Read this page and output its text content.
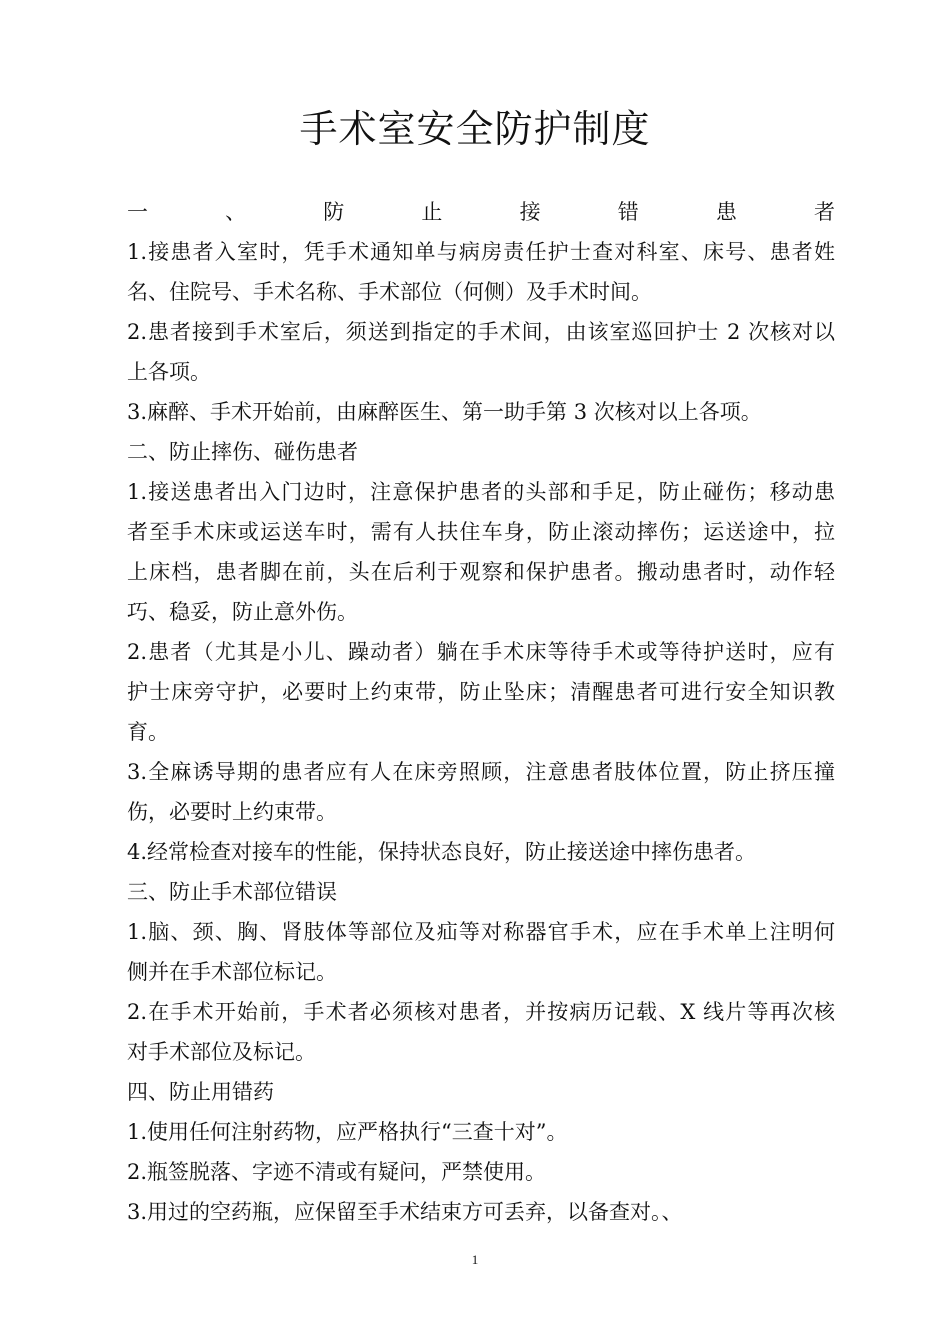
手术室安全防护制度
一、防止接错患者
1.接患者入室时，凭手术通知单与病房责任护士查对科室、床号、患者姓
名、住院号、手术名称、手术部位（何侧）及手术时间。
2.患者接到手术室后，须送到指定的手术间，由该室巡回护士 2 次核对以
上各项。
3.麻醉、手术开始前，由麻醉医生、第一助手第 3 次核对以上各项。
二、防止摔伤、碰伤患者
1.接送患者出入门边时，注意保护患者的头部和手足，防止碰伤；移动患
者至手术床或运送车时，需有人扶住车身，防止滚动摔伤；运送途中，拉
上床档，患者脚在前，头在后利于观察和保护患者。搬动患者时，动作轻
巧、稳妥，防止意外伤。
2.患者（尤其是小儿、躁动者）躺在手术床等待手术或等待护送时，应有
护士床旁守护，必要时上约束带，防止坠床；清醒患者可进行安全知识教
育。
3.全麻诱导期的患者应有人在床旁照顾，注意患者肢体位置，防止挤压撞
伤，必要时上约束带。
4.经常检查对接车的性能，保持状态良好，防止接送途中摔伤患者。
三、防止手术部位错误
1.脑、颈、胸、肾肢体等部位及疝等对称器官手术，应在手术单上注明何
侧并在手术部位标记。
2.在手术开始前，手术者必须核对患者，并按病历记载、X 线片等再次核
对手术部位及标记。
四、防止用错药
1.使用任何注射药物，应严格执行“三查十对”。
2.瓶签脱落、字迹不清或有疑问，严禁使用。
3.用过的空药瓶，应保留至手术结束方可丢弃，以备查对。、
1
